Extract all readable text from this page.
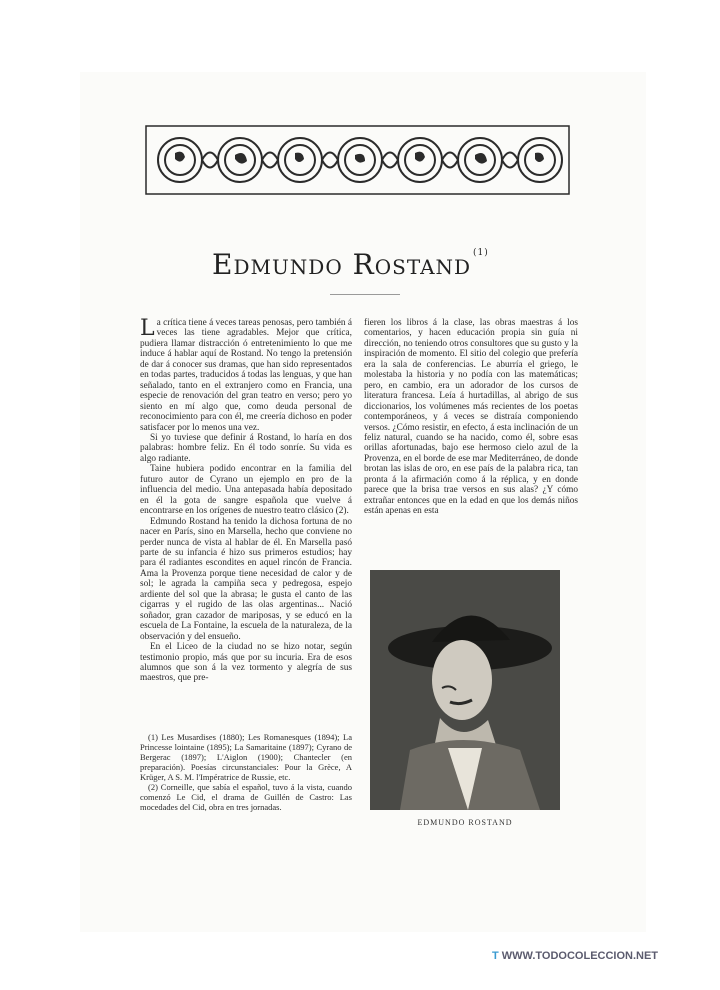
Edmundo Rostand $^{(1)}$

La crítica tiene á veces tareas penosas, pero también á veces las tiene agradables. Mejor que crítica, pudiera llamar distracción ó entretenimiento lo que me induce á hablar aquí de Rostand. No tengo la pretensión de dar á conocer sus dramas, que han sido representados en todas partes, traducidos á todas las lenguas, y que han señalado, tanto en el extranjero como en Francia, una especie de renovación del gran teatro en verso; pero yo siento en mí algo que, como deuda personal de reconocimiento para con él, me creería dichoso en poder satisfacer por lo menos una vez.

Si yo tuviese que definir á Rostand, lo haría en dos palabras: hombre feliz. En él todo sonríe. Su vida es algo radiante.

Taine hubiera podido encontrar en la familia del futuro autor de Cyrano un ejemplo en pro de la influencia del medio. Una antepasada había depositado en él la gota de sangre española que vuelve á encontrarse en los orígenes de nuestro teatro clásico (2).

Edmundo Rostand ha tenido la dichosa fortuna de no nacer en París, sino en Marsella, hecho que conviene no perder nunca de vista al hablar de él. En Marsella pasó parte de su infancia é hizo sus primeros estudios; hay para él radiantes escondites en aquel rincón de Francia. Ama la Provenza porque tiene necesidad de calor y de sol; le agrada la campiña seca y pedregosa, espejo ardiente del sol que la abrasa; le gusta el canto de las cigarras y el rugido de las olas argentinas... Nació soñador, gran cazador de mariposas, y se educó en la escuela de La Fontaine, la escuela de la naturaleza, de la observación y del ensueño.

En el Liceo de la ciudad no se hizo notar, según testimonio propio, más que por su incuria. Era de esos alumnos que son á la vez tormento y alegría de sus maestros, que pre-

(1) Les Musardises (1880); Les Romanesques (1894); La Princesse lointaine (1895); La Samaritaine (1897); Cyrano de Bergerac (1897); L'Aiglon (1900); Chantecler (en preparación). Poesías circunstanciales: Pour la Grèce, A Krüger, A S. M. l'Impératrice de Russie, etc.

(2) Corneille, que sabía el español, tuvo á la vista, cuando comenzó Le Cid, el drama de Guillén de Castro: Las mocedades del Cid, obra en tres jornadas.

fieren los libros á la clase, las obras maestras á los comentarios, y hacen educación propia sin guía ni dirección, no teniendo otros consultores que su gusto y la inspiración de momento. El sitio del colegio que prefería era la sala de conferencias. Le aburría el griego, le molestaba la historia y no podía con las matemáticas; pero, en cambio, era un adorador de los cursos de literatura francesa. Leía á hurtadillas, al abrigo de sus diccionarios, los volúmenes más recientes de los poetas contemporáneos, y á veces se distraía componiendo versos. ¿Cómo resistir, en efecto, á esta inclinación de un feliz natural, cuando se ha nacido, como él, sobre esas orillas afortunadas, bajo ese hermoso cielo azul de la Provenza, en el borde de ese mar Mediterráneo, de donde brotan las islas de oro, en ese país de la palabra rica, tan pronta á la afirmación como á la réplica, y en donde parece que la brisa trae versos en sus alas? ¿Y cómo extrañar entonces que en la edad en que los demás niños están apenas en esta

EDMUNDO ROSTAND
T WWW.TODOCOLECCION.NET
